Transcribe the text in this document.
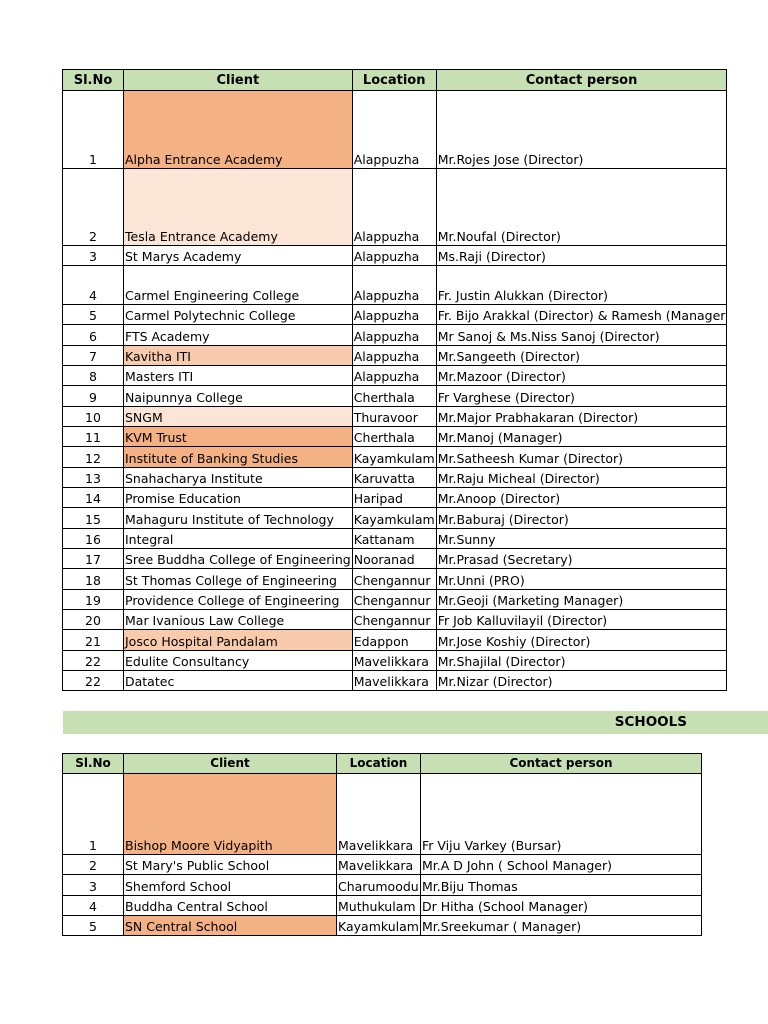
Sl.No	Client	Location	Contact person
1	Alpha Entrance Academy	Alappuzha	Mr.Rojes Jose (Director)
2	Tesla Entrance Academy	Alappuzha	Mr.Noufal (Director)
3	St Marys Academy	Alappuzha	Ms.Raji (Director)
4	Carmel Engineering College	Alappuzha	Fr. Justin Alukkan (Director)
5	Carmel Polytechnic College	Alappuzha	Fr. Bijo Arakkal (Director) & Ramesh (Manager
6	FTS Academy	Alappuzha	Mr Sanoj & Ms.Niss Sanoj (Director)
7	Kavitha ITI	Alappuzha	Mr.Sangeeth (Director)
8	Masters ITI	Alappuzha	Mr.Mazoor (Director)
9	Naipunnya College	Cherthala	Fr Varghese (Director)
10	SNGM	Thuravoor	Mr.Major Prabhakaran (Director)
11	KVM Trust	Cherthala	Mr.Manoj (Manager)
12	Institute of Banking Studies	Kayamkulam	Mr.Satheesh Kumar (Director)
13	Snahacharya Institute	Karuvatta	Mr.Raju Micheal (Director)
14	Promise Education	Haripad	Mr.Anoop (Director)
15	Mahaguru Institute of Technology	Kayamkulam	Mr.Baburaj (Director)
16	Integral	Kattanam	Mr.Sunny
17	Sree Buddha College of Engineering	Nooranad	Mr.Prasad (Secretary)
18	St Thomas College of Engineering	Chengannur	Mr.Unni (PRO)
19	Providence College of Engineering	Chengannur	Mr.Geoji (Marketing Manager)
20	Mar Ivanious Law College	Chengannur	Fr Job Kalluvilayil (Director)
21	Josco Hospital Pandalam	Edappon	Mr.Jose Koshiy (Director)
22	Edulite Consultancy	Mavelikkara	Mr.Shajilal (Director)
22	Datatec	Mavelikkara	Mr.Nizar (Director)
SCHOOLS
Sl.No	Client	Location	Contact person
1	Bishop Moore Vidyapith	Mavelikkara	Fr Viju Varkey (Bursar)
2	St Mary's Public School	Mavelikkara	Mr.A D John ( School Manager)
3	Shemford School	Charumoodu	Mr.Biju Thomas
4	Buddha Central School	Muthukulam	Dr Hitha (School Manager)
5	SN Central School	Kayamkulam	Mr.Sreekumar ( Manager)
